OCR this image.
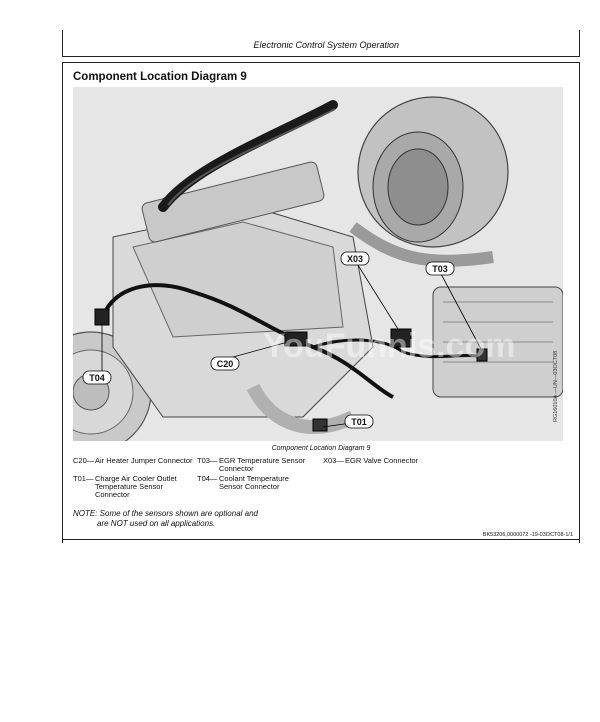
Electronic Control System Operation
Component Location Diagram 9
X03
T03
C20
T04
T01
YouFunnis.com
RG16010A —UN—03OCT08
Component Location Diagram 9
C20— Air Heater Jumper Connector
T01— Charge Air Cooler Outlet Temperature Sensor Connector
T03— EGR Temperature Sensor Connector
T04— Coolant Temperature Sensor Connector
X03— EGR Valve Connector
NOTE: Some of the sensors shown are optional and
are NOT used on all applications.
BK53206,0000072 -19-03OCT08-1/1
